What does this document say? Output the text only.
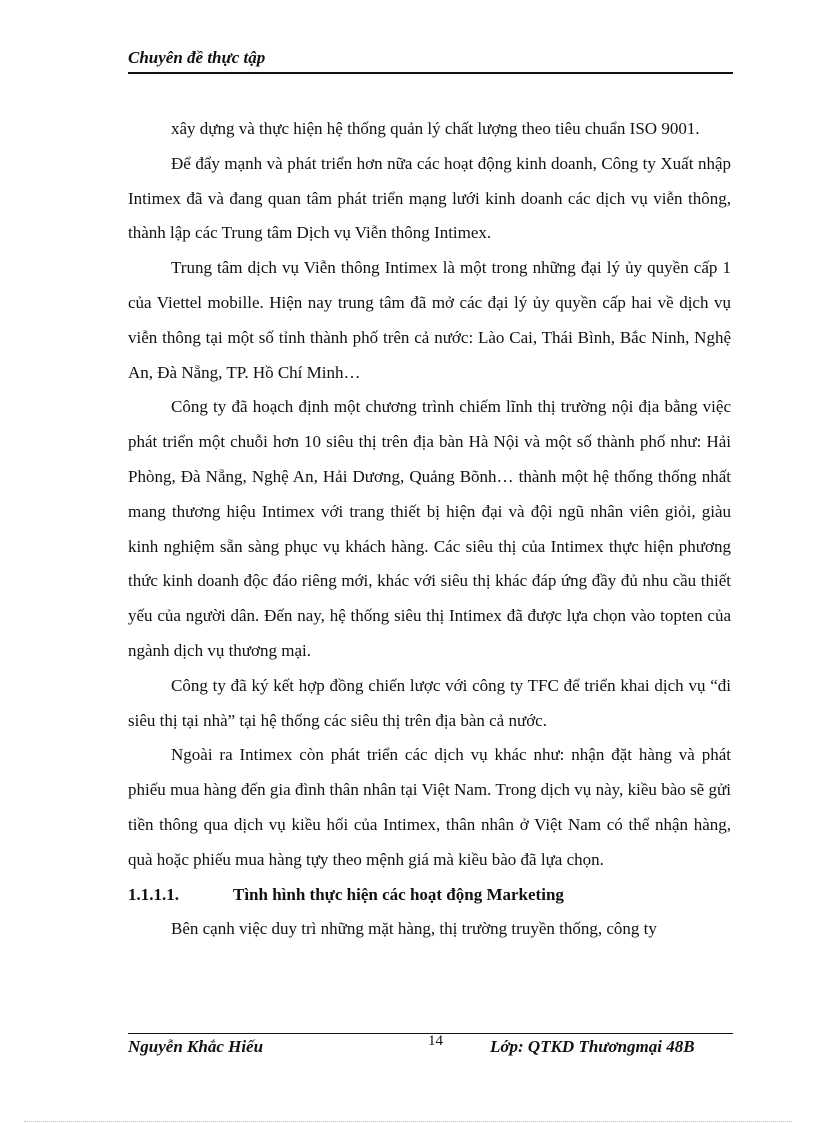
Chuyên đề thực tập

xây dựng và thực hiện hệ thống quản lý chất lượng theo tiêu chuẩn ISO 9001.

Để đẩy mạnh và phát triển hơn nữa các hoạt động kinh doanh, Công ty Xuất nhập Intimex đã và đang quan tâm phát triển mạng lưới kinh doanh các dịch vụ viễn thông, thành lập các Trung tâm Dịch vụ Viễn thông Intimex.

Trung tâm dịch vụ Viễn thông Intimex là một trong những đại lý ủy quyền cấp 1 của Viettel mobille. Hiện nay trung tâm đã mở các đại lý ủy quyền cấp hai về dịch vụ viễn thông tại một số tỉnh thành phố trên cả nước: Lào Cai, Thái Bình, Bắc Ninh, Nghệ An, Đà Nẵng, TP. Hồ Chí Minh…

Công ty đã hoạch định một chương trình chiếm lĩnh thị trường nội địa bằng việc phát triển một chuỗi hơn 10 siêu thị trên địa bàn Hà Nội và một số thành phố như: Hải Phòng, Đà Nẵng, Nghệ An, Hải Dương, Quảng Bõnh… thành một hệ thống thống nhất mang thương hiệu Intimex với trang thiết bị hiện đại và đội ngũ nhân viên giỏi, giàu kinh nghiệm sẵn sàng phục vụ khách hàng. Các siêu thị của Intimex thực hiện phương thức kinh doanh độc đáo riêng mới, khác với siêu thị khác đáp ứng đầy đủ nhu cầu thiết yếu của người dân. Đến nay, hệ thống siêu thị Intimex đã được lựa chọn vào topten của ngành dịch vụ thương mại.

Công ty đã ký kết hợp đồng chiến lược với công ty TFC để triển khai dịch vụ “đi siêu thị tại nhà” tại hệ thống các siêu thị trên địa bàn cả nước.

Ngoài ra Intimex còn phát triển các dịch vụ khác như: nhận đặt hàng và phát phiếu mua hàng đến gia đình thân nhân tại Việt Nam. Trong dịch vụ này, kiều bào sẽ gửi tiền thông qua dịch vụ kiều hối của Intimex, thân nhân ở Việt Nam có thể nhận hàng, quà hoặc phiếu mua hàng tựy theo mệnh giá mà kiều bào đã lựa chọn.

1.1.1.1.	Tình hình thực hiện các hoạt động Marketing

Bên cạnh việc duy trì những mặt hàng, thị trường truyền thống, công ty

Nguyễn Khắc Hiếu	14	Lớp: QTKD Thươngmại 48B
